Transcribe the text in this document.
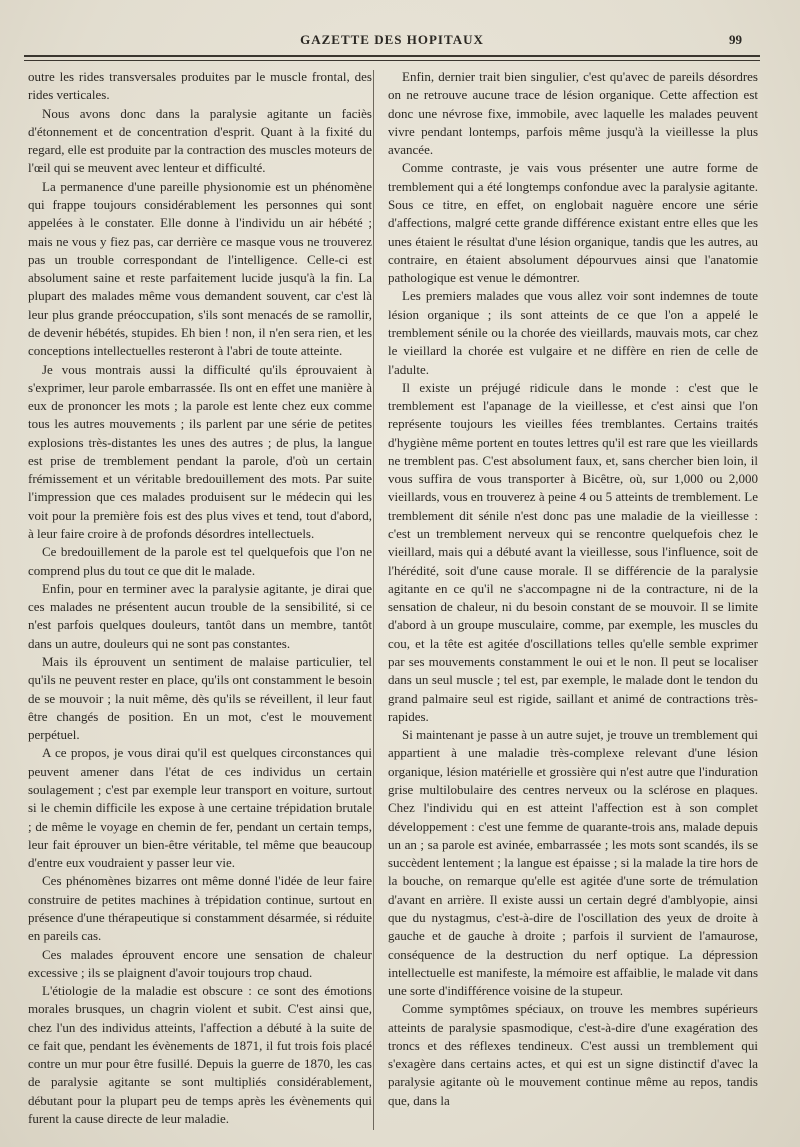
GAZETTE DES HOPITAUX	99

outre les rides transversales produites par le muscle frontal, des rides verticales.

Nous avons donc dans la paralysie agitante un faciès d'étonnement et de concentration d'esprit. Quant à la fixité du regard, elle est produite par la contraction des muscles moteurs de l'œil qui se meuvent avec lenteur et difficulté.

La permanence d'une pareille physionomie est un phénomène qui frappe toujours considérablement les personnes qui sont appelées à le constater. Elle donne à l'individu un air hébété ; mais ne vous y fiez pas, car derrière ce masque vous ne trouverez pas un trouble correspondant de l'intelligence. Celle-ci est absolument saine et reste parfaitement lucide jusqu'à la fin. La plupart des malades même vous demandent souvent, car c'est là leur plus grande préoccupation, s'ils sont menacés de se ramollir, de devenir hébétés, stupides. Eh bien ! non, il n'en sera rien, et les conceptions intellectuelles resteront à l'abri de toute atteinte.

Je vous montrais aussi la difficulté qu'ils éprouvaient à s'exprimer, leur parole embarrassée. Ils ont en effet une manière à eux de prononcer les mots ; la parole est lente chez eux comme tous les autres mouvements ; ils parlent par une série de petites explosions très-distantes les unes des autres ; de plus, la langue est prise de tremblement pendant la parole, d'où un certain frémissement et un véritable bredouillement des mots. Par suite l'impression que ces malades produisent sur le médecin qui les voit pour la première fois est des plus vives et tend, tout d'abord, à leur faire croire à de profonds désordres intellectuels.

Ce bredouillement de la parole est tel quelquefois que l'on ne comprend plus du tout ce que dit le malade.

Enfin, pour en terminer avec la paralysie agitante, je dirai que ces malades ne présentent aucun trouble de la sensibilité, si ce n'est parfois quelques douleurs, tantôt dans un membre, tantôt dans un autre, douleurs qui ne sont pas constantes.

Mais ils éprouvent un sentiment de malaise particulier, tel qu'ils ne peuvent rester en place, qu'ils ont constamment le besoin de se mouvoir ; la nuit même, dès qu'ils se réveillent, il leur faut être changés de position. En un mot, c'est le mouvement perpétuel.

A ce propos, je vous dirai qu'il est quelques circonstances qui peuvent amener dans l'état de ces individus un certain soulagement ; c'est par exemple leur transport en voiture, surtout si le chemin difficile les expose à une certaine trépidation brutale ; de même le voyage en chemin de fer, pendant un certain temps, leur fait éprouver un bien-être véritable, tel même que beaucoup d'entre eux voudraient y passer leur vie.

Ces phénomènes bizarres ont même donné l'idée de leur faire construire de petites machines à trépidation continue, surtout en présence d'une thérapeutique si constamment désarmée, si réduite en pareils cas.

Ces malades éprouvent encore une sensation de chaleur excessive ; ils se plaignent d'avoir toujours trop chaud.

L'étiologie de la maladie est obscure : ce sont des émotions morales brusques, un chagrin violent et subit. C'est ainsi que, chez l'un des individus atteints, l'affection a débuté à la suite de ce fait que, pendant les évènements de 1871, il fut trois fois placé contre un mur pour être fusillé. Depuis la guerre de 1870, les cas de paralysie agitante se sont multipliés considérablement, débutant pour la plupart peu de temps après les évènements qui furent la cause directe de leur maladie.

Enfin, dernier trait bien singulier, c'est qu'avec de pareils désordres on ne retrouve aucune trace de lésion organique. Cette affection est donc une névrose fixe, immobile, avec laquelle les malades peuvent vivre pendant lontemps, parfois même jusqu'à la vieillesse la plus avancée.

Comme contraste, je vais vous présenter une autre forme de tremblement qui a été longtemps confondue avec la paralysie agitante. Sous ce titre, en effet, on englobait naguère encore une série d'affections, malgré cette grande différence existant entre elles que les unes étaient le résultat d'une lésion organique, tandis que les autres, au contraire, en étaient absolument dépourvues ainsi que l'anatomie pathologique est venue le démontrer.

Les premiers malades que vous allez voir sont indemnes de toute lésion organique ; ils sont atteints de ce que l'on a appelé le tremblement sénile ou la chorée des vieillards, mauvais mots, car chez le vieillard la chorée est vulgaire et ne diffère en rien de celle de l'adulte.

Il existe un préjugé ridicule dans le monde : c'est que le tremblement est l'apanage de la vieillesse, et c'est ainsi que l'on représente toujours les vieilles fées tremblantes. Certains traités d'hygiène même portent en toutes lettres qu'il est rare que les vieillards ne tremblent pas. C'est absolument faux, et, sans chercher bien loin, il vous suffira de vous transporter à Bicêtre, où, sur 1,000 ou 2,000 vieillards, vous en trouverez à peine 4 ou 5 atteints de tremblement. Le tremblement dit sénile n'est donc pas une maladie de la vieillesse : c'est un tremblement nerveux qui se rencontre quelquefois chez le vieillard, mais qui a débuté avant la vieillesse, sous l'influence, soit de l'hérédité, soit d'une cause morale. Il se différencie de la paralysie agitante en ce qu'il ne s'accompagne ni de la contracture, ni de la sensation de chaleur, ni du besoin constant de se mouvoir. Il se limite d'abord à un groupe musculaire, comme, par exemple, les muscles du cou, et la tête est agitée d'oscillations telles qu'elle semble exprimer par ses mouvements constamment le oui et le non. Il peut se localiser dans un seul muscle ; tel est, par exemple, le malade dont le tendon du grand palmaire seul est rigide, saillant et animé de contractions très-rapides.

Si maintenant je passe à un autre sujet, je trouve un tremblement qui appartient à une maladie très-complexe relevant d'une lésion organique, lésion matérielle et grossière qui n'est autre que l'induration grise multilobulaire des centres nerveux ou la sclérose en plaques. Chez l'individu qui en est atteint l'affection est à son complet développement : c'est une femme de quarante-trois ans, malade depuis un an ; sa parole est avinée, embarrassée ; les mots sont scandés, ils se succèdent lentement ; la langue est épaisse ; si la malade la tire hors de la bouche, on remarque qu'elle est agitée d'une sorte de trémulation d'avant en arrière. Il existe aussi un certain degré d'amblyopie, ainsi que du nystagmus, c'est-à-dire de l'oscillation des yeux de droite à gauche et de gauche à droite ; parfois il survient de l'amaurose, conséquence de la destruction du nerf optique. La dépression intellectuelle est manifeste, la mémoire est affaiblie, le malade vit dans une sorte d'indifférence voisine de la stupeur.

Comme symptômes spéciaux, on trouve les membres supérieurs atteints de paralysie spasmodique, c'est-à-dire d'une exagération des troncs et des réflexes tendineux. C'est aussi un tremblement qui s'exagère dans certains actes, et qui est un signe distinctif d'avec la paralysie agitante où le mouvement continue même au repos, tandis que, dans la
